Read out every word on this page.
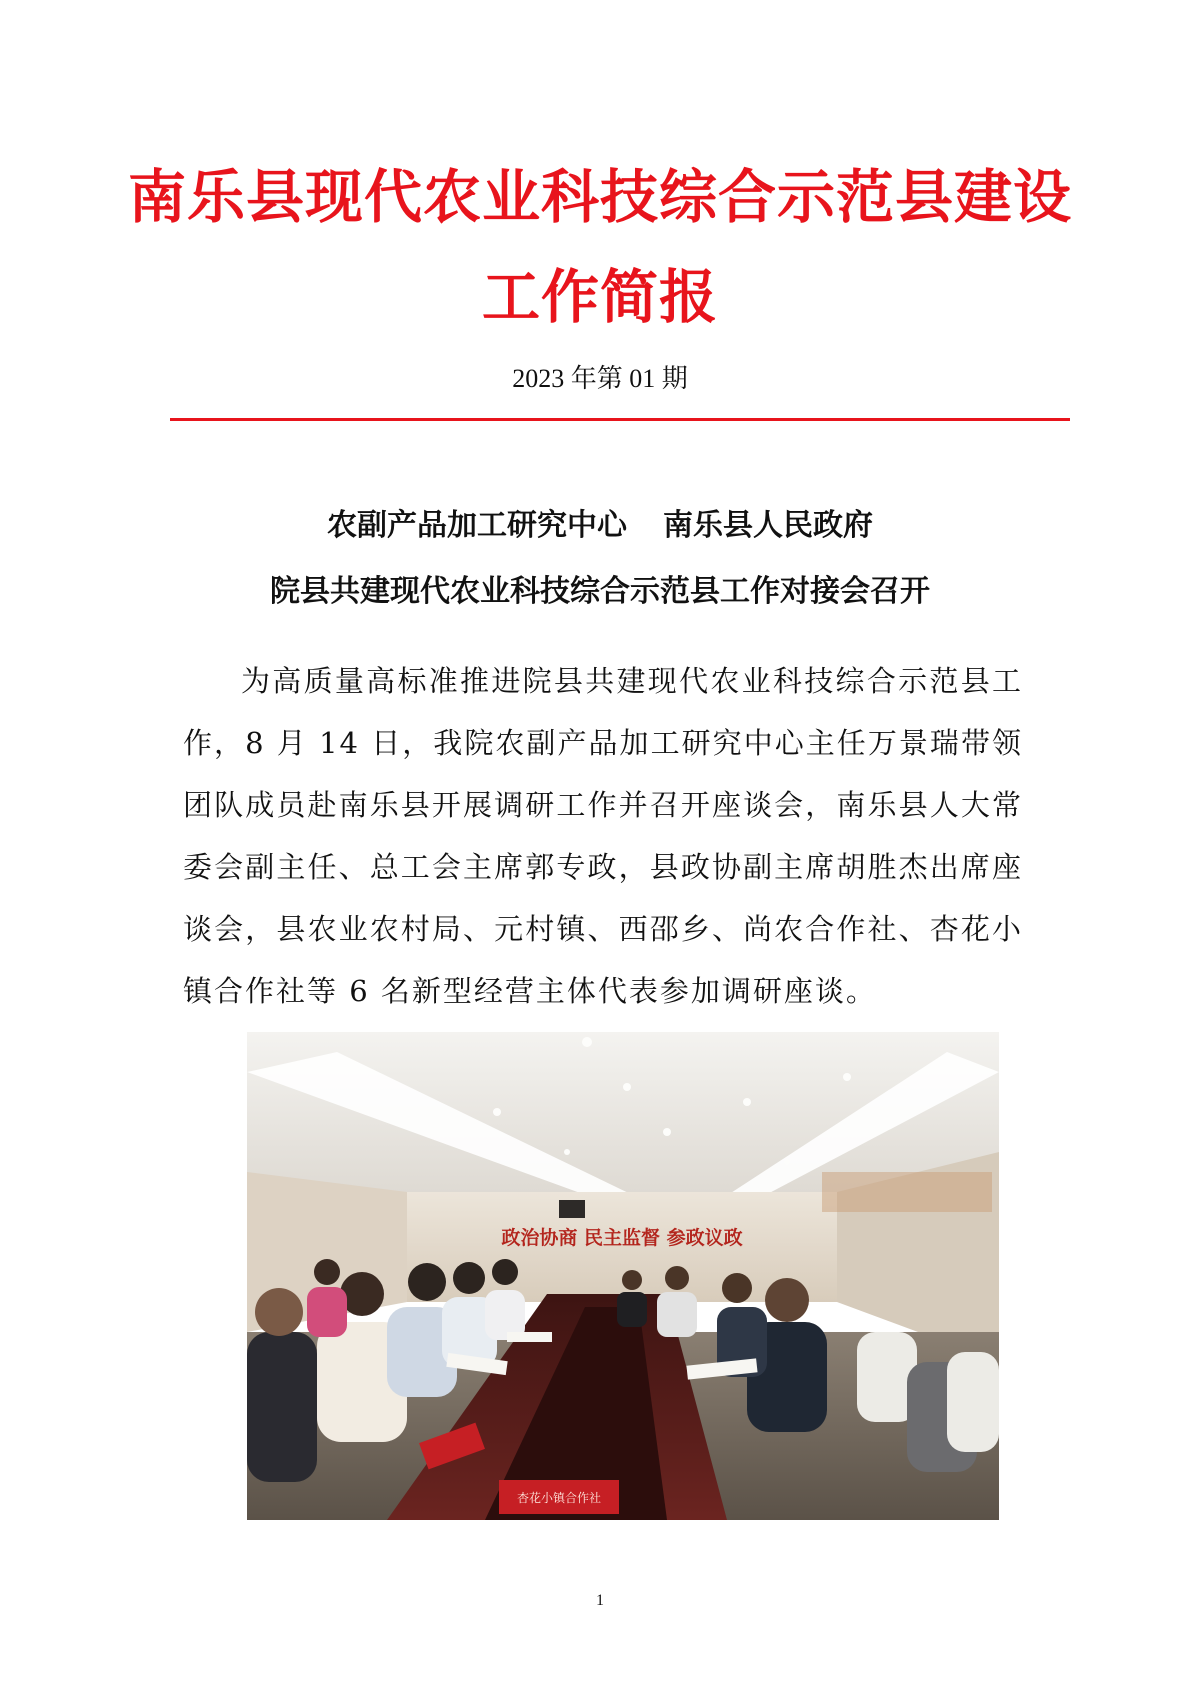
南乐县现代农业科技综合示范县建设
工作简报
2023 年第 01 期
农副产品加工研究中心 南乐县人民政府
院县共建现代农业科技综合示范县工作对接会召开
为高质量高标准推进院县共建现代农业科技综合示范县工作，8 月 14 日，我院农副产品加工研究中心主任万景瑞带领团队成员赴南乐县开展调研工作并召开座谈会，南乐县人大常委会副主任、总工会主席郭专政，县政协副主席胡胜杰出席座谈会，县农业农村局、元村镇、西邵乡、尚农合作社、杏花小镇合作社等 6 名新型经营主体代表参加调研座谈。
政治协商 民主监督 参政议政
杏花小镇合作社
1
